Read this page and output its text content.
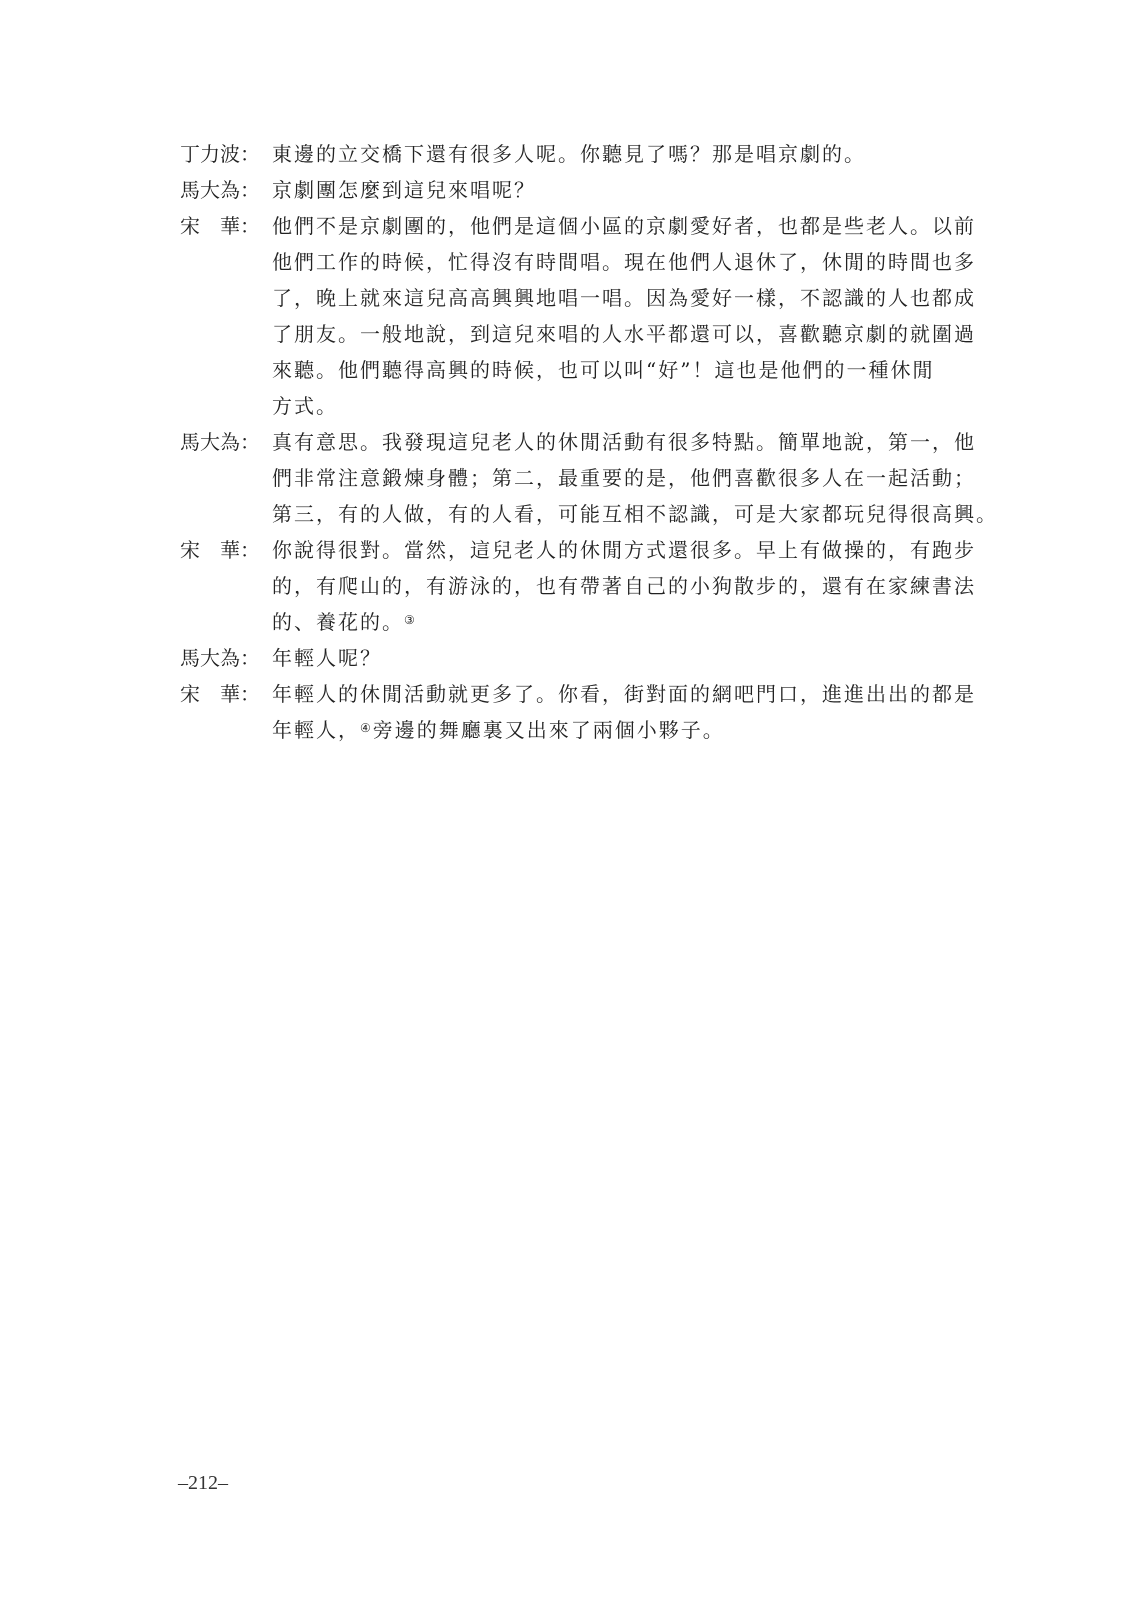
丁力波： 東邊的立交橋下還有很多人呢。你聽見了嗎？那是唱京劇的。
馬大為： 京劇團怎麼到這兒來唱呢？
宋　華： 他們不是京劇團的，他們是這個小區的京劇愛好者，也都是些老人。以前
他們工作的時候，忙得沒有時間唱。現在他們人退休了，休閒的時間也多
了，晚上就來這兒高高興興地唱一唱。因為愛好一樣，不認識的人也都成
了朋友。一般地說，到這兒來唱的人水平都還可以，喜歡聽京劇的就圍過
來聽。他們聽得高興的時候，也可以叫“好”！這也是他們的一種休閒
方式。
馬大為： 真有意思。我發現這兒老人的休閒活動有很多特點。簡單地說，第一，他
們非常注意鍛煉身體；第二，最重要的是，他們喜歡很多人在一起活動；
第三，有的人做，有的人看，可能互相不認識，可是大家都玩兒得很高興。
宋　華： 你說得很對。當然，這兒老人的休閒方式還很多。早上有做操的，有跑步
的，有爬山的，有游泳的，也有帶著自己的小狗散步的，還有在家練書法
的、養花的。③
馬大為： 年輕人呢？
宋　華： 年輕人的休閒活動就更多了。你看，街對面的網吧門口，進進出出的都是
年輕人，④旁邊的舞廳裏又出來了兩個小夥子。
–212–
